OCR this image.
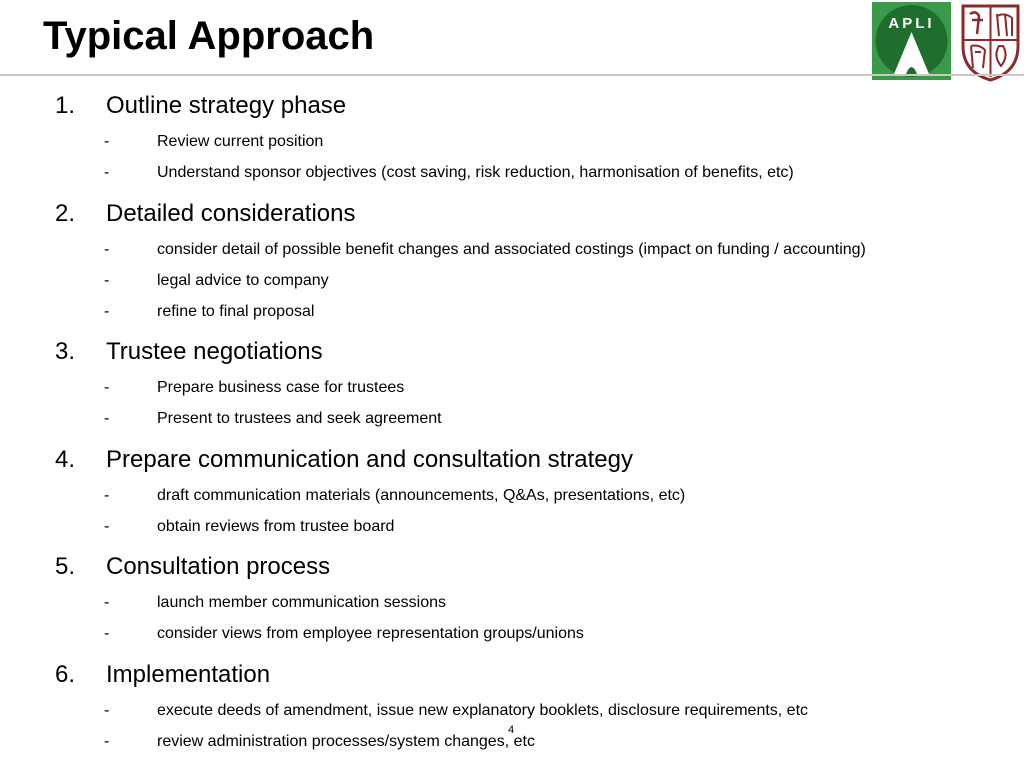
Typical Approach	APLI
1. Outline strategy phase
-	Review current position
-	Understand sponsor objectives (cost saving, risk reduction, harmonisation of benefits, etc)
2. Detailed considerations
-	consider detail of possible benefit changes and associated costings (impact on funding / accounting)
-	legal advice to company
-	refine to final proposal
3. Trustee negotiations
-	Prepare business case for trustees
-	Present to trustees and seek agreement
4. Prepare communication and consultation strategy
-	draft communication materials (announcements, Q&As, presentations, etc)
-	obtain reviews from trustee board
5. Consultation process
-	launch member communication sessions
-	consider views from employee representation groups/unions
6. Implementation
-	execute deeds of amendment, issue new explanatory booklets, disclosure requirements, etc
-	review administration processes/system changes, etc
4
